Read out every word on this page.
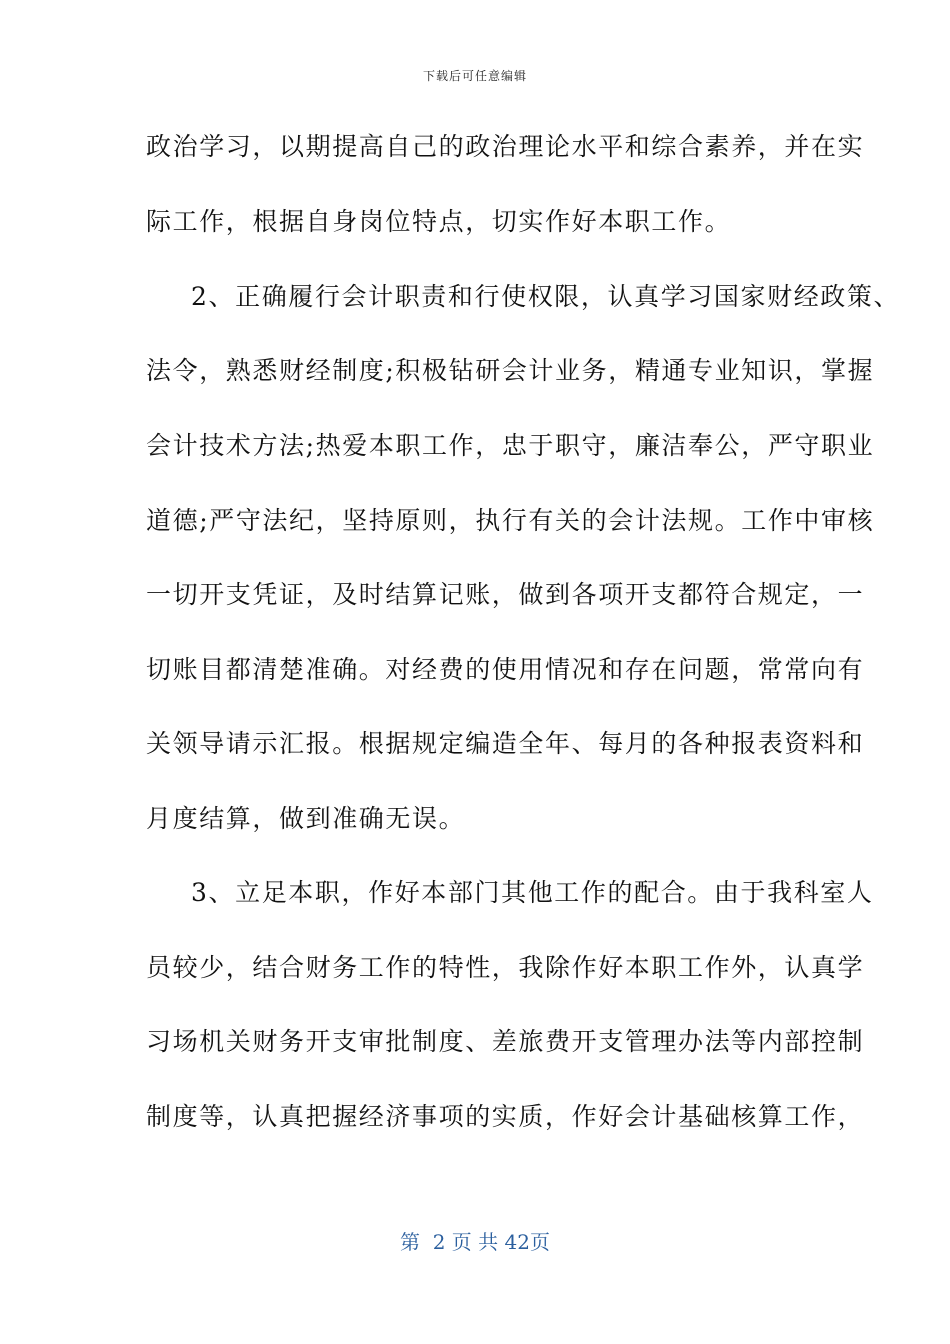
下载后可任意编辑
政治学习，以期提高自己的政治理论水平和综合素养，并在实
际工作，根据自身岗位特点，切实作好本职工作。
2、正确履行会计职责和行使权限，认真学习国家财经政策、
法令，熟悉财经制度;积极钻研会计业务，精通专业知识，掌握
会计技术方法;热爱本职工作，忠于职守，廉洁奉公，严守职业
道德;严守法纪，坚持原则，执行有关的会计法规。工作中审核
一切开支凭证，及时结算记账，做到各项开支都符合规定，一
切账目都清楚准确。对经费的使用情况和存在问题，常常向有
关领导请示汇报。根据规定编造全年、每月的各种报表资料和
月度结算，做到准确无误。
3、立足本职，作好本部门其他工作的配合。由于我科室人
员较少，结合财务工作的特性，我除作好本职工作外，认真学
习场机关财务开支审批制度、差旅费开支管理办法等内部控制
制度等，认真把握经济事项的实质，作好会计基础核算工作，
第  2 页 共 42页
